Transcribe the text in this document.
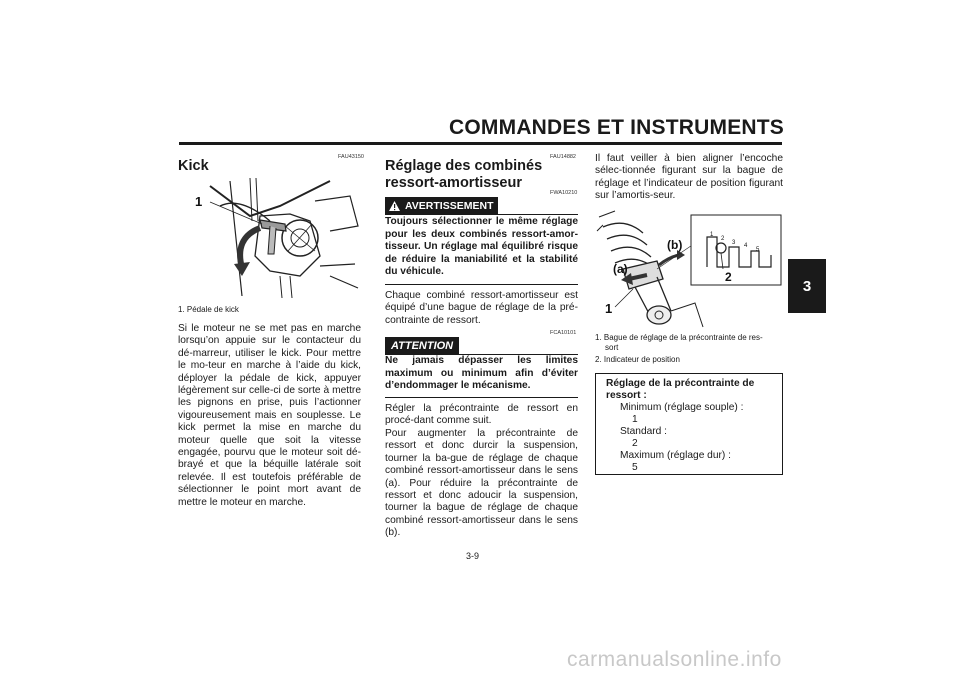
COMMANDES ET INSTRUMENTS
3
FAU43150
Kick
1
1. Pédale de kick
Si le moteur ne se met pas en marche lorsqu’on appuie sur le contacteur du dé-marreur, utiliser le kick. Pour mettre le mo-teur en marche à l’aide du kick, déployer la pédale de kick, appuyer légèrement sur celle-ci de sorte à mettre les pignons en prise, puis l’actionner vigoureusement mais en souplesse. Le kick permet la mise en marche du moteur quelle que soit la vitesse engagée, pourvu que le moteur soit dé-brayé et que la béquille latérale soit relevée. Il est toutefois préférable de sélectionner le point mort avant de mettre le moteur en marche.
FAU14882
Réglage des combinés ressort-amortisseur
AVERTISSEMENT
FWA10210
Toujours sélectionner le même réglage pour les deux combinés ressort-amor-tisseur. Un réglage mal équilibré risque de réduire la maniabilité et la stabilité du véhicule.
Chaque combiné ressort-amortisseur est équipé d’une bague de réglage de la pré-contrainte de ressort.
ATTENTION
FCA10101
Ne jamais dépasser les limites maximum ou minimum afin d’éviter d’endommager le mécanisme.
Régler la précontrainte de ressort en procé-dant comme suit.
Pour augmenter la précontrainte de ressort et donc durcir la suspension, tourner la ba-gue de réglage de chaque combiné ressort-amortisseur dans le sens (a). Pour réduire la précontrainte de ressort et donc adoucir la suspension, tourner la bague de réglage de chaque combiné ressort-amortisseur dans le sens (b).
Il faut veiller à bien aligner l’encoche sélec-tionnée figurant sur la bague de réglage et l’indicateur de position figurant sur l’amortis-seur.
1
2
3 4
5
(a)
(b)
1
2
1. Bague de réglage de la précontrainte de res-
sort
2. Indicateur de position
Réglage de la précontrainte de
ressort :
Minimum (réglage souple) :
1
Standard :
2
Maximum (réglage dur) :
5
3-9
carmanualsonline.info
